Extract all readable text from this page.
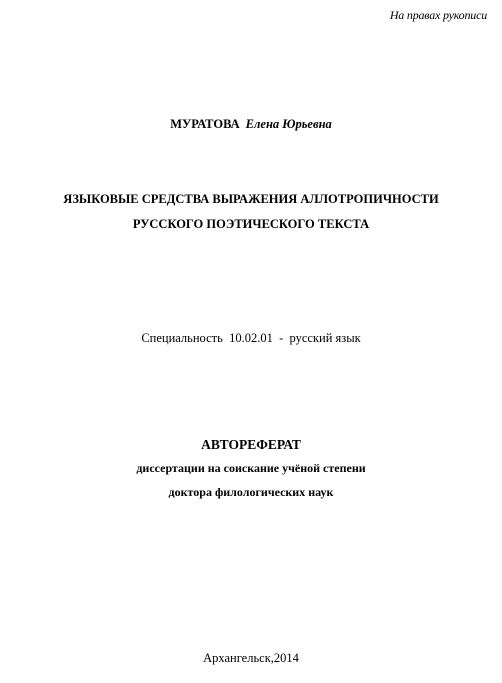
На правах рукописи
МУРАТОВА Елена Юрьевна
ЯЗЫКОВЫЕ СРЕДСТВА ВЫРАЖЕНИЯ АЛЛОТРОПИЧНОСТИ
РУССКОГО ПОЭТИЧЕСКОГО ТЕКСТА
Специальность 10.02.01 - русский язык
АВТОРЕФЕРАТ
диссертации на соискание учёной степени
доктора филологических наук
Архангельск,2014
